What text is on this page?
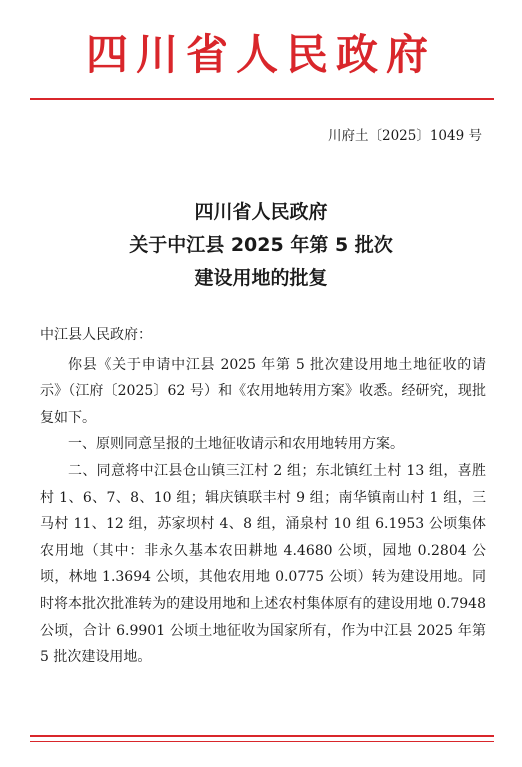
四川省人民政府
川府土〔2025〕1049 号
四川省人民政府
关于中江县 2025 年第 5 批次
建设用地的批复

中江县人民政府：

你县《关于申请中江县 2025 年第 5 批次建设用地土地征收的请示》（江府〔2025〕62 号）和《农用地转用方案》收悉。经研究，现批复如下。

一、原则同意呈报的土地征收请示和农用地转用方案。

二、同意将中江县仓山镇三江村 2 组；东北镇红土村 13 组，喜胜村 1、6、7、8、10 组；辑庆镇联丰村 9 组；南华镇南山村 1 组，三马村 11、12 组，苏家坝村 4、8 组，涌泉村 10 组 6.1953 公顷集体农用地（其中：非永久基本农田耕地 4.4680 公顷，园地 0.2804 公顷，林地 1.3694 公顷，其他农用地 0.0775 公顷）转为建设用地。同时将本批次批准转为的建设用地和上述农村集体原有的建设用地 0.7948 公顷，合计 6.9901 公顷土地征收为国家所有，作为中江县 2025 年第 5 批次建设用地。
